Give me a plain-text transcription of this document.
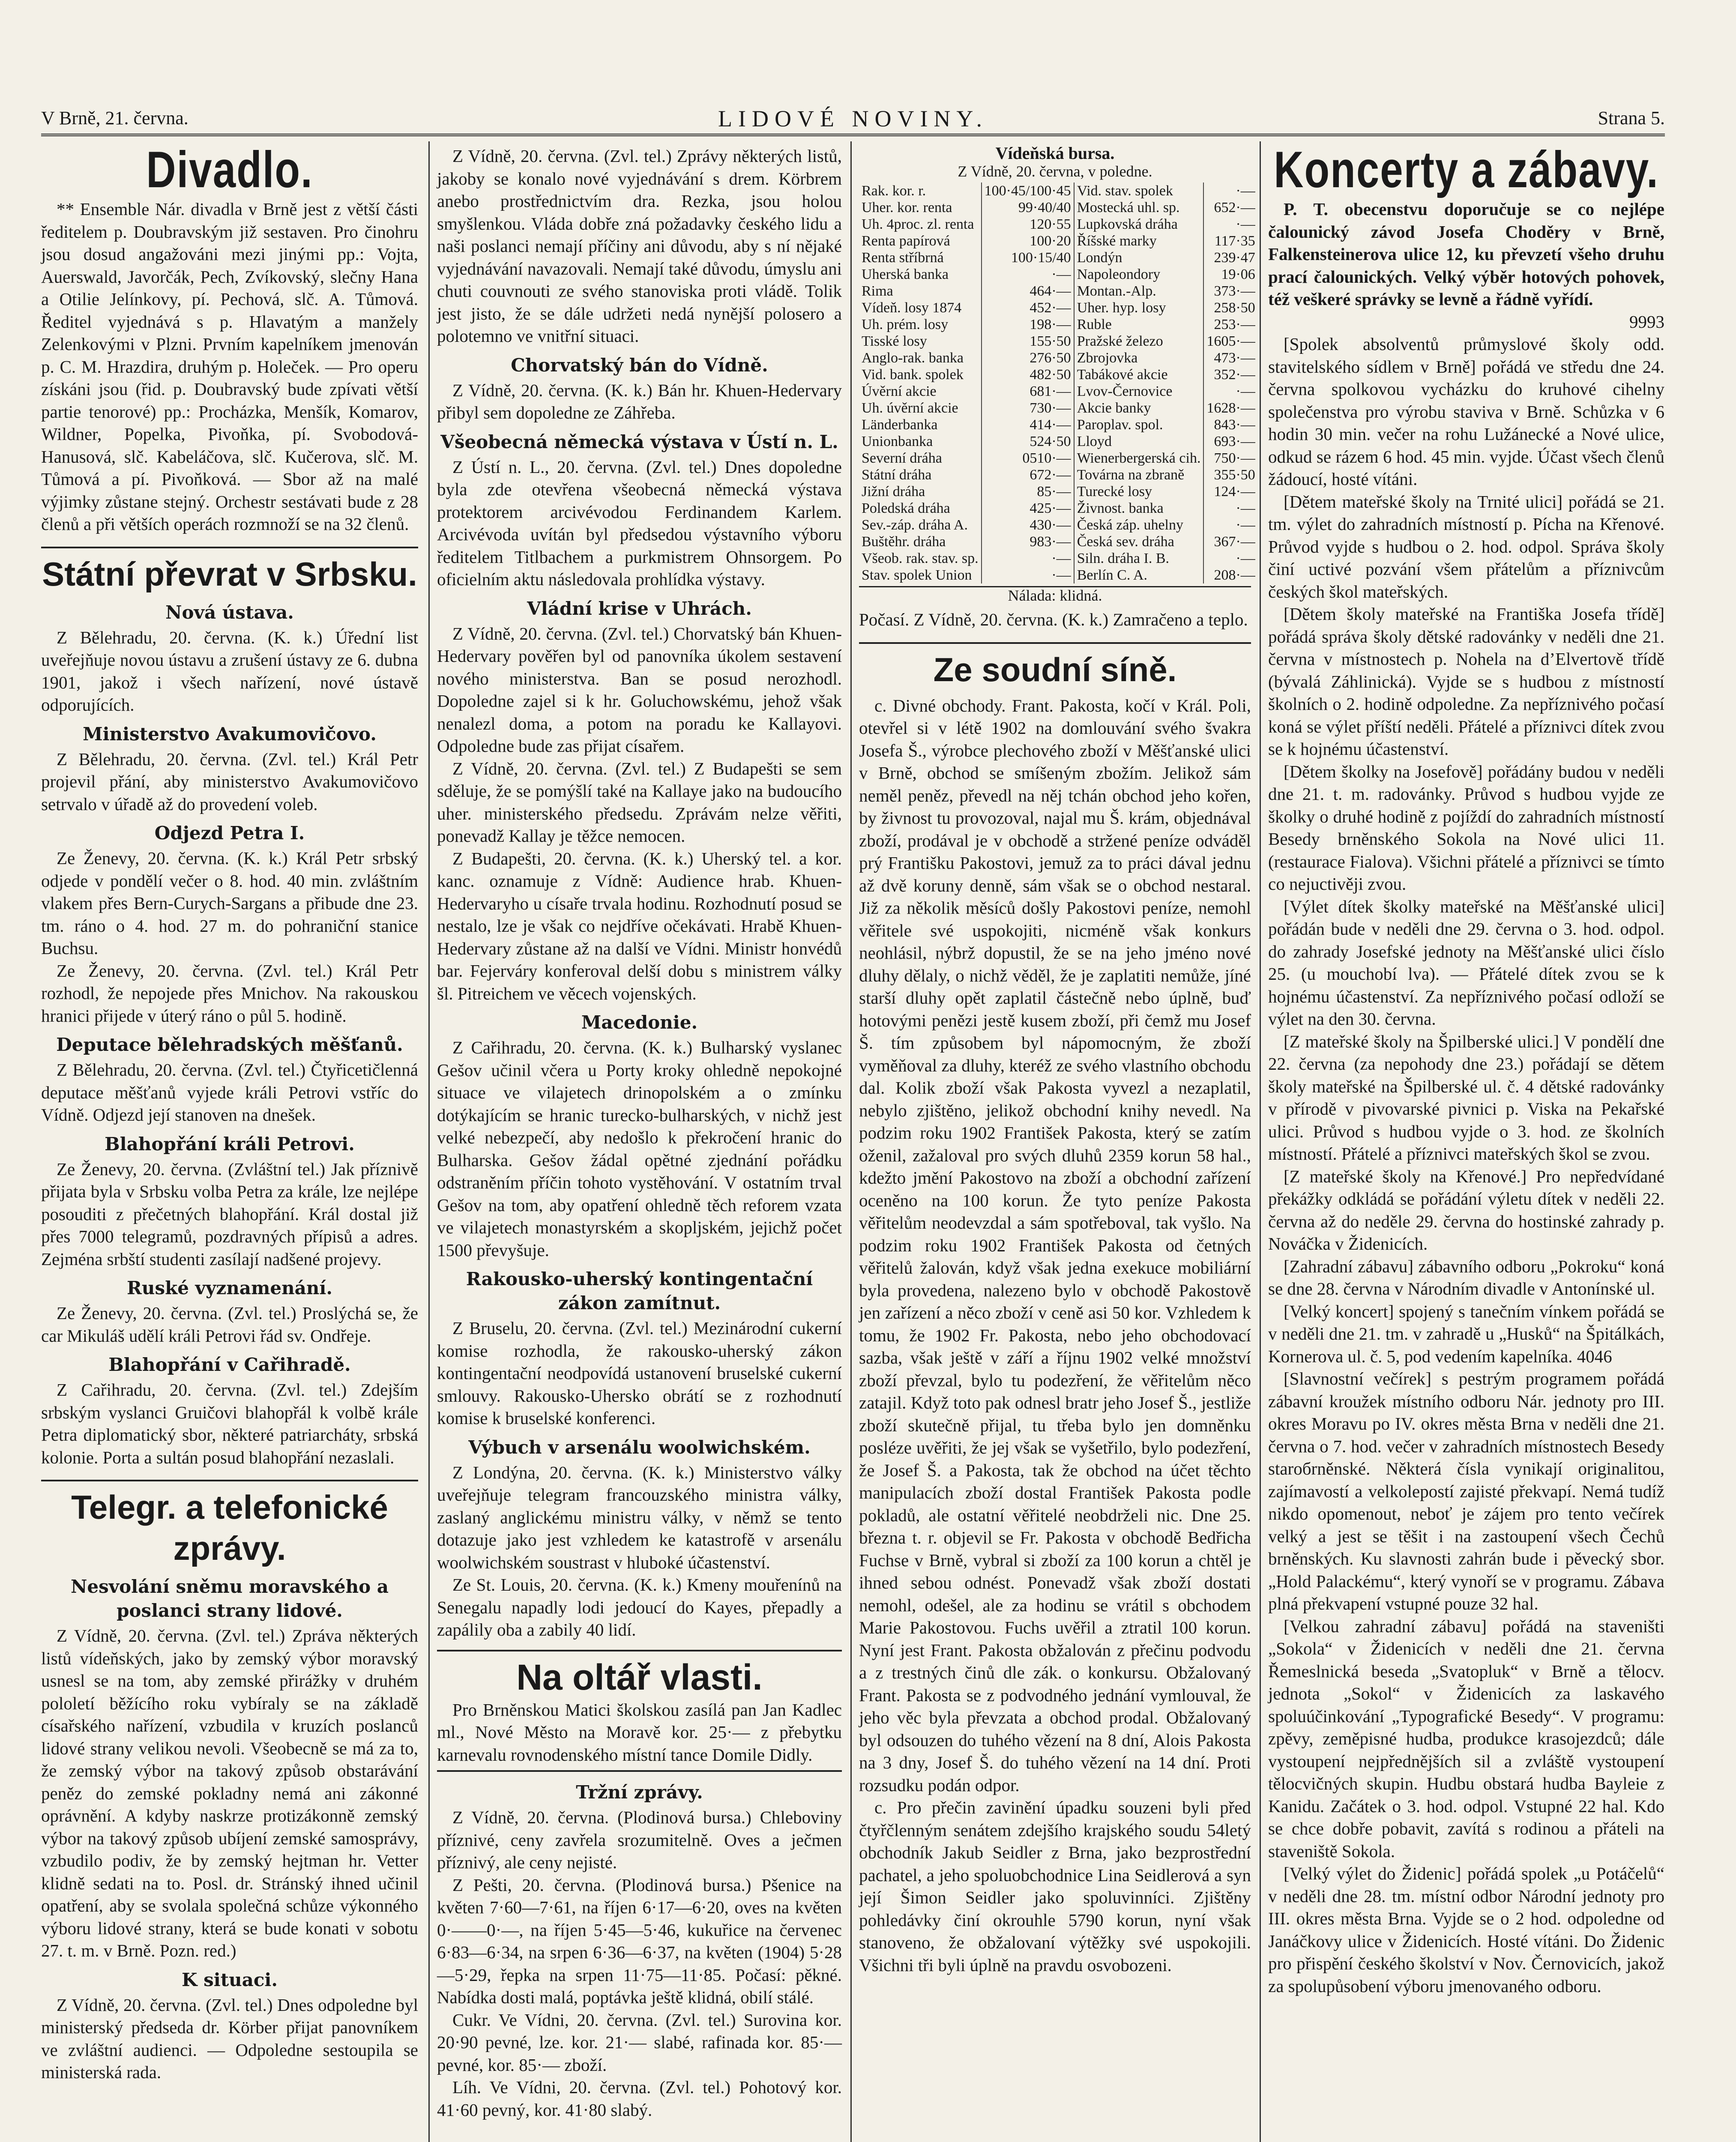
V Brně, 21. června.	LIDOVÉ NOVINY.	Strana 5.
Divadlo.

** Ensemble Nár. divadla v Brně jest z větší části ředitelem p. Doubravským již sestaven. Pro činohru jsou dosud angažováni mezi jinými pp.: Vojta, Auerswald, Javorčák, Pech, Zvíkovský, slečny Hana a Otilie Jelínkovy, pí. Pechová, slč. A. Tůmová. Ředitel vyjednává s p. Hlavatým a manžely Zelenkovými v Plzni. Prvním kapelníkem jmenován p. C. M. Hrazdira, druhým p. Holeček. — Pro operu získáni jsou (řid. p. Doubravský bude zpívati větší partie tenorové) pp.: Procházka, Menšík, Komarov, Wildner, Popelka, Pivoňka, pí. Svobodová-Hanusová, slč. Kabeláčova, slč. Kučerova, slč. M. Tůmová a pí. Pivoňková. — Sbor až na malé výjimky zůstane stejný. Orchestr sestávati bude z 28 členů a při větších operách rozmnoží se na 32 členů.

Státní převrat v Srbsku.
Nová ústava.

Z Bělehradu, 20. června. (K. k.) Úřední list uveřejňuje novou ústavu a zrušení ústavy ze 6. dubna 1901, jakož i všech nařízení, nové ústavě odporujících.

Ministerstvo Avakumovičovo.

Z Bělehradu, 20. června. (Zvl. tel.) Král Petr projevil přání, aby ministerstvo Avakumovičovo setrvalo v úřadě až do provedení voleb.

Odjezd Petra I.

Ze Ženevy, 20. června. (K. k.) Král Petr srbský odjede v pondělí večer o 8. hod. 40 min. zvláštním vlakem přes Bern-Curych-Sargans a přibude dne 23. tm. ráno o 4. hod. 27 m. do pohraniční stanice Buchsu.

Ze Ženevy, 20. června. (Zvl. tel.) Král Petr rozhodl, že nepojede přes Mnichov. Na rakouskou hranici přijede v úterý ráno o půl 5. hodině.

Deputace bělehradských měšťanů.

Z Bělehradu, 20. června. (Zvl. tel.) Čtyřicetičlenná deputace měšťanů vyjede králi Petrovi vstříc do Vídně. Odjezd její stanoven na dnešek.

Blahopřání králi Petrovi.

Ze Ženevy, 20. června. (Zvláštní tel.) Jak příznivě přijata byla v Srbsku volba Petra za krále, lze nejlépe posouditi z přečetných blahopřání. Král dostal již přes 7000 telegramů, pozdravných přípisů a adres. Zejména srbští studenti zasílají nadšené projevy.

Ruské vyznamenání.

Ze Ženevy, 20. června. (Zvl. tel.) Proslýchá se, že car Mikuláš udělí králi Petrovi řád sv. Ondřeje.

Blahopřání v Cařihradě.

Z Cařihradu, 20. června. (Zvl. tel.) Zdejším srbským vyslanci Gruičovi blahopřál k volbě krále Petra diplomatický sbor, některé patriarcháty, srbská kolonie. Porta a sultán posud blahopřání nezaslali.

Telegr. a telefonické zprávy.
Nesvolání sněmu moravského a poslanci strany lidové.

Z Vídně, 20. června. (Zvl. tel.) Zpráva některých listů vídeňských, jako by zemský výbor moravský usnesl se na tom, aby zemské přirážky v druhém pololetí běžícího roku vybíraly se na základě císařského nařízení, vzbudila v kruzích poslanců lidové strany velikou nevoli. Všeobecně se má za to, že zemský výbor na takový způsob obstarávání peněz do zemské pokladny nemá ani zákonné oprávnění. A kdyby naskrze protizákonně zemský výbor na takový způsob ubíjení zemské samosprávy, vzbudilo podiv, že by zemský hejtman hr. Vetter klidně sedati na to. Posl. dr. Stránský ihned učinil opatření, aby se svolala společná schůze výkonného výboru lidové strany, která se bude konati v sobotu 27. t. m. v Brně. Pozn. red.)

K situaci.

Z Vídně, 20. června. (Zvl. tel.) Dnes odpoledne byl ministerský předseda dr. Körber přijat panovníkem ve zvláštní audienci. — Odpoledne sestoupila se ministerská rada.

Z Vídně, 20. června. (Zvl. tel.) Zprávy některých listů, jakoby se konalo nové vyjednávání s drem. Körbrem anebo prostřednictvím dra. Rezka, jsou holou smyšlenkou. Vláda dobře zná požadavky českého lidu a naši poslanci nemají příčiny ani důvodu, aby s ní nějaké vyjednávání navazovali. Nemají také důvodu, úmyslu ani chuti couvnouti ze svého stanoviska proti vládě. Tolik jest jisto, že se dále udržeti nedá nynější polosero a polotemno ve vnitřní situaci.

Chorvatský bán do Vídně.

Z Vídně, 20. června. (K. k.) Bán hr. Khuen-Hedervary přibyl sem dopoledne ze Záhřeba.

Všeobecná německá výstava v Ústí n. L.

Z Ústí n. L., 20. června. (Zvl. tel.) Dnes dopoledne byla zde otevřena všeobecná německá výstava protektorem arcivévodou Ferdinandem Karlem. Arcivévoda uvítán byl předsedou výstavního výboru ředitelem Titlbachem a purkmistrem Ohnsorgem. Po oficielním aktu následovala prohlídka výstavy.

Vládní krise v Uhrách.

Z Vídně, 20. června. (Zvl. tel.) Chorvatský bán Khuen-Hedervary pověřen byl od panovníka úkolem sestavení nového ministerstva. Ban se posud nerozhodl. Dopoledne zajel si k hr. Goluchowskému, jehož však nenalezl doma, a potom na poradu ke Kallayovi. Odpoledne bude zas přijat císařem.

Z Vídně, 20. června. (Zvl. tel.) Z Budapešti se sem sděluje, že se pomýšlí také na Kallaye jako na budoucího uher. ministerského předsedu. Zprávám nelze věřiti, ponevadž Kallay je těžce nemocen.

Z Budapešti, 20. června. (K. k.) Uherský tel. a kor. kanc. oznamuje z Vídně: Audience hrab. Khuen-Hedervaryho u císaře trvala hodinu. Rozhodnutí posud se nestalo, lze je však co nejdříve očekávati. Hrabě Khuen-Hedervary zůstane až na další ve Vídni. Ministr honvédů bar. Fejerváry konferoval delší dobu s ministrem války šl. Pitreichem ve věcech vojenských.

Macedonie.

Z Cařihradu, 20. června. (K. k.) Bulharský vyslanec Gešov učinil včera u Porty kroky ohledně nepokojné situace ve vilajetech drinopolském a o zmínku dotýkajícím se hranic turecko-bulharských, v nichž jest velké nebezpečí, aby nedošlo k překročení hranic do Bulharska. Gešov žádal opětné zjednání pořádku odstraněním příčin tohoto vystěhování. V ostatním trval Gešov na tom, aby opatření ohledně těch reforem vzata ve vilajetech monastyrském a skopljském, jejichž počet 1500 převyšuje.

Rakousko-uherský kontingentační zákon zamítnut.

Z Bruselu, 20. června. (Zvl. tel.) Mezinárodní cukerní komise rozhodla, že rakousko-uherský zákon kontingentační neodpovídá ustanovení bruselské cukerní smlouvy. Rakousko-Uhersko obrátí se z rozhodnutí komise k bruselské konferenci.

Výbuch v arsenálu woolwichském.

Z Londýna, 20. června. (K. k.) Ministerstvo války uveřejňuje telegram francouzského ministra války, zaslaný anglickému ministru války, v němž se tento dotazuje jako jest vzhledem ke katastrofě v arsenálu woolwichském soustrast v hluboké účastenství.

Ze St. Louis, 20. června. (K. k.) Kmeny mouřenínů na Senegalu napadly lodi jedoucí do Kayes, přepadly a zapálily oba a zabily 40 lidí.

Na oltář vlasti.

Pro Brněnskou Matici školskou zasílá pan Jan Kadlec ml., Nové Město na Moravě kor. 25·— z přebytku karnevalu rovnodenského místní tance Domile Didly.

Tržní zprávy.

Z Vídně, 20. června. (Plodinová bursa.) Chleboviny příznivé, ceny zavřela srozumitelně. Oves a ječmen příznivý, ale ceny nejisté.

Z Pešti, 20. června. (Plodinová bursa.) Pšenice na květen 7·60—7·61, na říjen 6·17—6·20, oves na květen 0·——0·—, na říjen 5·45—5·46, kukuřice na červenec 6·83—6·34, na srpen 6·36—6·37, na květen (1904) 5·28—5·29, řepka na srpen 11·75—11·85. Počasí: pěkné. Nabídka dosti malá, poptávka ještě klidná, obilí stálé.

Cukr. Ve Vídni, 20. června. (Zvl. tel.) Surovina kor. 20·90 pevné, lze. kor. 21·— slabé, rafinada kor. 85·— pevné, kor. 85·— zboží.

Líh. Ve Vídni, 20. června. (Zvl. tel.) Pohotový kor. 41·60 pevný, kor. 41·80 slabý.

Vídeňská bursa.
Z Vídně, 20. června, v poledne.
Rak. kor. r.	100·45/100·45	Vid. stav. spolek	·—
Uher. kor. renta	99·40/40	Mostecká uhl. sp.	652·—
Uh. 4proc. zl. renta	120·55	Lupkovská dráha	·—
Renta papírová	100·20	Říšské marky	117·35
Renta stříbrná	100·15/40	Londýn	239·47
Uherská banka	·—	Napoleondory	19·06
Rima	464·—	Montan.-Alp.	373·—
Vídeň. losy 1874	452·—	Uher. hyp. losy	258·50
Uh. prém. losy	198·—	Ruble	253·—
Tisské losy	155·50	Pražské železo	1605·—
Anglo-rak. banka	276·50	Zbrojovka	473·—
Vid. bank. spolek	482·50	Tabákové akcie	352·—
Úvěrní akcie	681·—	Lvov-Černovice	·—
Uh. úvěrní akcie	730·—	Akcie banky	1628·—
Länderbanka	414·—	Paroplav. spol.	843·—
Unionbanka	524·50	Lloyd	693·—
Severní dráha	0510·—	Wienerbergerská cih.	750·—
Státní dráha	672·—	Továrna na zbraně	355·50
Jižní dráha	85·—	Turecké losy	124·—
Poledská dráha	425·—	Živnost. banka	·—
Sev.-záp. dráha A.	430·—	Česká záp. uhelny	·—
Buštěhr. dráha	983·—	Česká sev. dráha	367·—
Všeob. rak. stav. sp.	·—	Siln. dráha I. B.	·—
Stav. spolek Union	·—	Berlín C. A.	208·—
Nálada: klidná.

Počasí. Z Vídně, 20. června. (K. k.) Zamračeno a teplo.

Ze soudní síně.

c. Divné obchody. Frant. Pakosta, kočí v Král. Poli, otevřel si v létě 1902 na domlouvání svého švakra Josefa Š., výrobce plechového zboží v Měšťanské ulici v Brně, obchod se smíšeným zbožím. Jelikož sám neměl peněz, převedl na něj tchán obchod jeho kořen, by živnost tu provozoval, najal mu Š. krám, objednával zboží, prodával je v obchodě a stržené peníze odváděl prý Františku Pakostovi, jemuž za to práci dával jednu až dvě koruny denně, sám však se o obchod nestaral. Již za několik měsíců došly Pakostovi peníze, nemohl věřitele své uspokojiti, nicméně však konkurs neohlásil, nýbrž dopustil, že se na jeho jméno nové dluhy dělaly, o nichž věděl, že je zaplatiti nemůže, jíné starší dluhy opět zaplatil částečně nebo úplně, buď hotovými penězi jestě kusem zboží, při čemž mu Josef Š. tím způsobem byl nápomocným, že zboží vyměňoval za dluhy, kteréž ze svého vlastního obchodu dal. Kolik zboží však Pakosta vyvezl a nezaplatil, nebylo zjištěno, jelikož obchodní knihy nevedl. Na podzim roku 1902 František Pakosta, který se zatím oženil, zažaloval pro svých dluhů 2359 korun 58 hal., kdežto jmění Pakostovo na zboží a obchodní zařízení oceněno na 100 korun. Že tyto peníze Pakosta věřitelům neodevzdal a sám spotřeboval, tak vyšlo. Na podzim roku 1902 František Pakosta od četných věřitelů žalován, když však jedna exekuce mobiliární byla provedena, nalezeno bylo v obchodě Pakostově jen zařízení a něco zboží v ceně asi 50 kor. Vzhledem k tomu, že 1902 Fr. Pakosta, nebo jeho obchodovací sazba, však ještě v září a říjnu 1902 velké množství zboží převzal, bylo tu podezření, že věřitelům něco zatajil. Když toto pak odnesl bratr jeho Josef Š., jestliže zboží skutečně přijal, tu třeba bylo jen domněnku posléze uvěřiti, že jej však se vyšetřilo, bylo podezření, že Josef Š. a Pakosta, tak že obchod na účet těchto manipulacích zboží dostal František Pakosta podle pokladů, ale ostatní věřitelé neobdrželi nic. Dne 25. března t. r. objevil se Fr. Pakosta v obchodě Bedřicha Fuchse v Brně, vybral si zboží za 100 korun a chtěl je ihned sebou odnést. Ponevadž však zboží dostati nemohl, odešel, ale za hodinu se vrátil s obchodem Marie Pakostovou. Fuchs uvěřil a ztratil 100 korun. Nyní jest Frant. Pakosta obžalován z přečinu podvodu a z trestných činů dle zák. o konkursu. Obžalovaný Frant. Pakosta se z podvodného jednání vymlouval, že jeho věc byla převzata a obchod prodal. Obžalovaný byl odsouzen do tuhého vězení na 8 dní, Alois Pakosta na 3 dny, Josef Š. do tuhého vězení na 14 dní. Proti rozsudku podán odpor.

c. Pro přečin zavinění úpadku souzeni byli před čtyřčlenným senátem zdejšího krajského soudu 54letý obchodník Jakub Seidler z Brna, jako bezprostřední pachatel, a jeho spoluobchodnice Lina Seidlerová a syn její Šimon Seidler jako spoluvinníci. Zjištěny pohledávky činí okrouhle 5790 korun, nyní však stanoveno, že obžalovaní výtěžky své uspokojili. Všichni tři byli úplně na pravdu osvobozeni.

Koncerty a zábavy.

P. T. obecenstvu doporučuje se co nejlépe čalounický závod Josefa Choděry v Brně, Falkensteinerova ulice 12, ku převzetí všeho druhu prací čalounických. Velký výběr hotových pohovek, též veškeré správky se levně a řádně vyřídí.

9993

[Spolek absolventů průmyslové školy odd. stavitelského sídlem v Brně] pořádá ve středu dne 24. června spolkovou vycházku do kruhové cihelny společenstva pro výrobu stavivа v Brně. Schůzka v 6 hodin 30 min. večer na rohu Lužánecké a Nové ulice, odkud se rázem 6 hod. 45 min. vyjde. Účast všech členů žádoucí, hosté vítáni.

[Dětem mateřské školy na Trnité ulici] pořádá se 21. tm. výlet do zahradních místností p. Pícha na Křenové. Průvod vyjde s hudbou o 2. hod. odpol. Správa školy činí uctivé pozvání všem přátelům a příznivcům českých škol mateřských.

[Dětem školy mateřské na Františka Josefa třídě] pořádá správa školy dětské radovánky v neděli dne 21. června v místnostech p. Nohela na d’Elvertově třídě (bývalá Záhlinická). Vyjde se s hudbou z místností školních o 2. hodině odpoledne. Za nepříznivého počasí koná se výlet příští neděli. Přátelé a příznivci dítek zvou se k hojnému účastenství.

[Dětem školky na Josefově] pořádány budou v neděli dne 21. t. m. radovánky. Průvod s hudbou vyjde ze školky o druhé hodině z pojíždí do zahradních místností Besedy brněnského Sokola na Nové ulici 11. (restaurace Fialova). Všichni přátelé a příznivci se tímto co nejuctivěji zvou.

[Výlet dítek školky mateřské na Měšťanské ulici] pořádán bude v neděli dne 29. června o 3. hod. odpol. do zahrady Josefské jednoty na Měšťanské ulici číslo 25. (u mouchobí lva). — Přátelé dítek zvou se k hojnému účastenství. Za nepříznivého počasí odloží se výlet na den 30. června.

[Z mateřské školy na Špilberské ulici.] V pondělí dne 22. června (za nepohody dne 23.) pořádají se dětem školy mateřské na Špilberské ul. č. 4 dětské radovánky v přírodě v pivovarské pivnici p. Viska na Pekařské ulici. Průvod s hudbou vyjde o 3. hod. ze školních místností. Přátelé a příznivci mateřských škol se zvou.

[Z mateřské školy na Křenové.] Pro nepředvídané překážky odkládá se pořádání výletu dítek v neděli 22. června až do neděle 29. června do hostinské zahrady p. Nováčka v Židenicích.

[Zahradní zábavu] zábavního odboru „Pokroku“ koná se dne 28. června v Národním divadle v Antonínské ul.

[Velký koncert] spojený s tanečním vínkem pořádá se v neděli dne 21. tm. v zahradě u „Husků“ na Špitálkách, Kornerova ul. č. 5, pod vedením kapelníka. 4046

[Slavnostní večírek] s pestrým programem pořádá zábavní kroužek místního odboru Nár. jednoty pro III. okres Moravu po IV. okres města Brna v neděli dne 21. června o 7. hod. večer v zahradních místnostech Besedy staroбrněnské. Některá čísla vynikají originalitou, zajímavostí a velkolepostí zajisté překvapí. Nemá tudíž nikdo opomenout, neboť je zájem pro tento večírek velký a jest se těšit i na zastoupení všech Čechů brněnských. Ku slavnosti zahrán bude i pěvecký sbor. „Hold Palackému“, který vynoří se v programu. Zábava plná překvapení vstupné pouze 32 hal.

[Velkou zahradní zábavu] pořádá na staveništi „Sokola“ v Židenicích v neděli dne 21. června Řemeslnická beseda „Svatopluk“ v Brně a tělocv. jednota „Sokol“ v Židenicích za laskavého spoluúčinkování „Typografické Besedy“. V programu: zpěvy, zeměpisné hudba, produkce krasojezdců; dále vystoupení nejpřednějších sil a zvláště vystoupení tělocvičných skupin. Hudbu obstará hudba Bayleie z Kanidu. Začátek o 3. hod. odpol. Vstupné 22 hal. Kdo se chce dobře pobavit, zavítá s rodinou a přáteli na staveniště Sokola.

[Velký výlet do Židenic] pořádá spolek „u Potáčelů“ v neděli dne 28. tm. místní odbor Národní jednoty pro III. okres města Brna. Vyjde se o 2 hod. odpoledne od Janáčkovy ulice v Židenicích. Hosté vítáni. Do Židenic pro přispění českého školství v Nov. Černovicích, jakož za spolupůsobení výboru jmenovaného odboru.
